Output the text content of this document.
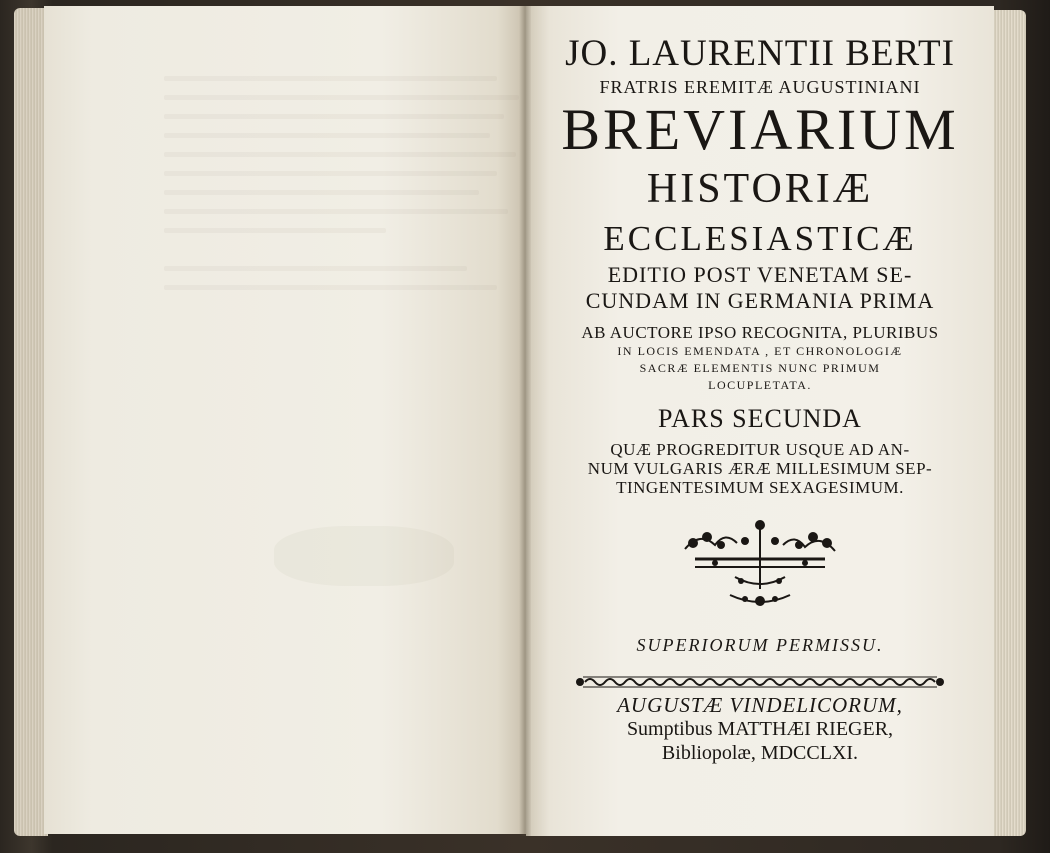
JO. LAURENTII BERTI
FRATRIS EREMITÆ AUGUSTINIANI
BREVIARIUM
HISTORIÆ
ECCLESIASTICÆ
EDITIO POST VENETAM SE-
CUNDAM IN GERMANIA PRIMA
AB AUCTORE IPSO RECOGNITA, PLURIBUS
IN LOCIS EMENDATA , ET CHRONOLOGIÆ
SACRÆ ELEMENTIS NUNC PRIMUM
LOCUPLETATA.
PARS SECUNDA
QUÆ PROGREDITUR USQUE AD AN-
NUM VULGARIS ÆRÆ MILLESIMUM SEP-
TINGENTESIMUM SEXAGESIMUM.
SUPERIORUM PERMISSU.
AUGUSTÆ VINDELICORUM,
Sumptibus MATTHÆI RIEGER,
Bibliopolæ, MDCCLXI.
